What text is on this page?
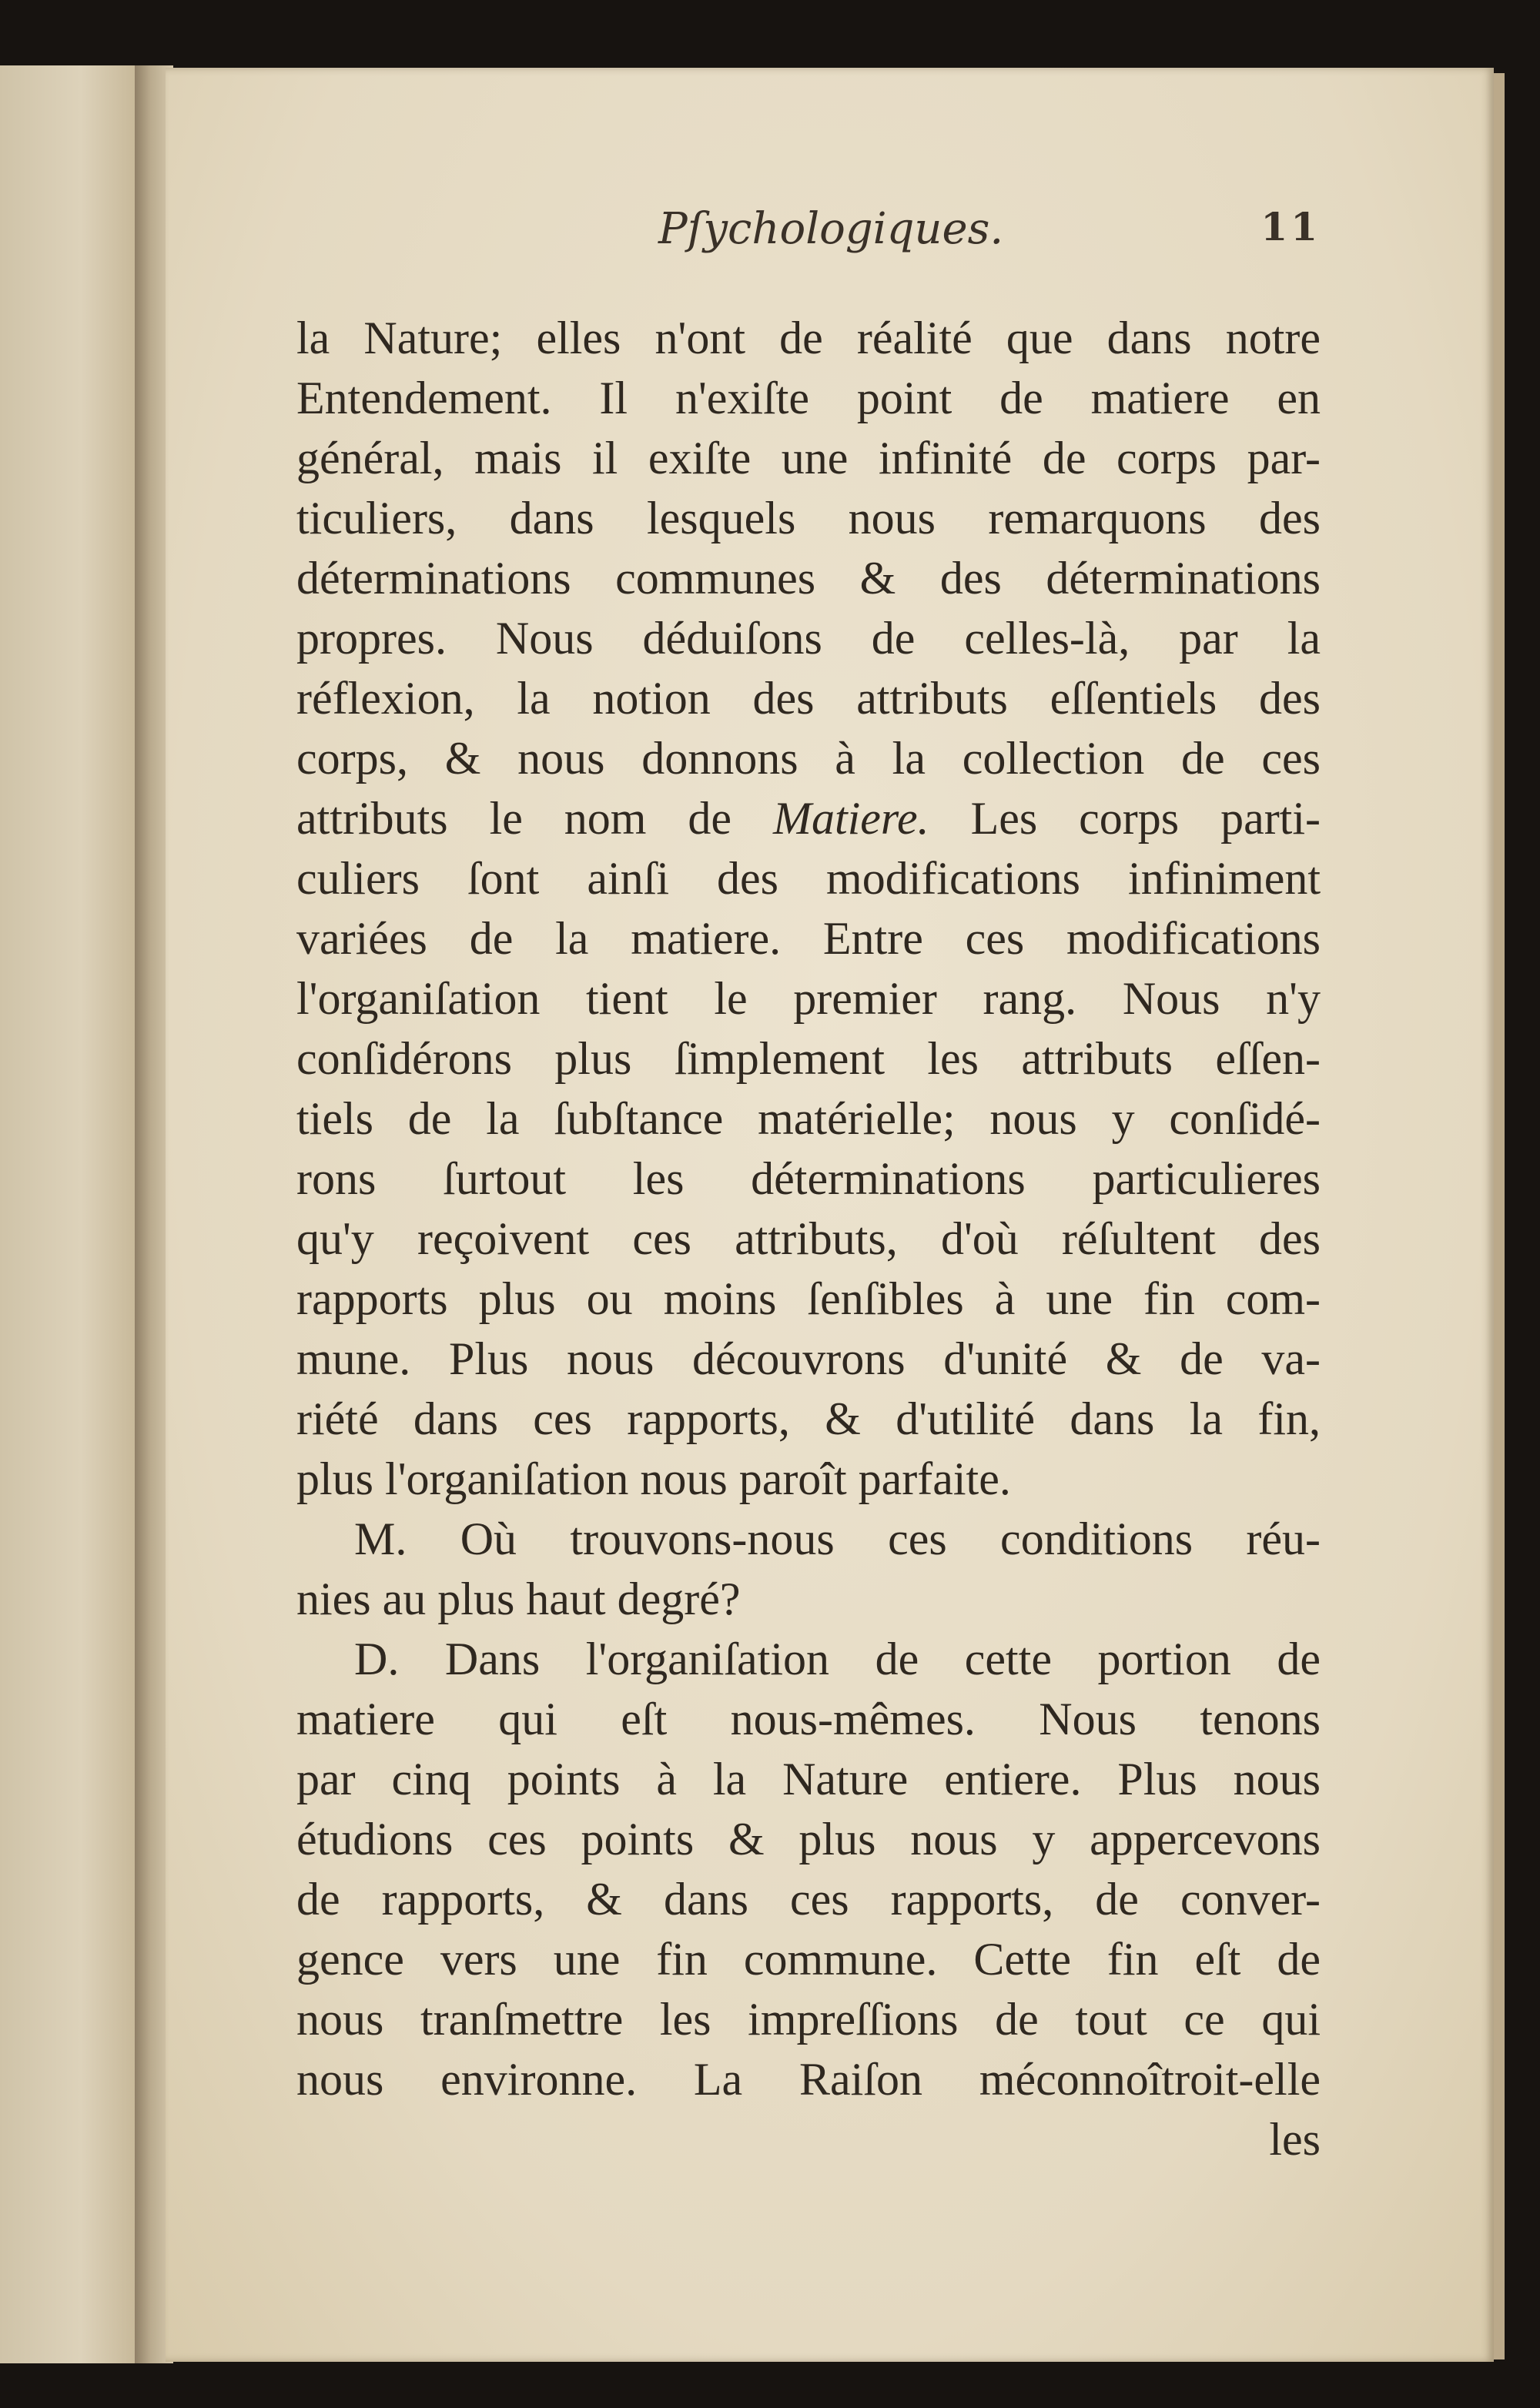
Pſychologiques.	11
la Nature; elles n'ont de réalité que dans notre
Entendement. Il n'exiſte point de matiere en
général, mais il exiſte une infinité de corps par-
ticuliers, dans lesquels nous remarquons des
déterminations communes & des déterminations
propres. Nous déduiſons de celles-là, par la
réflexion, la notion des attributs eſſentiels des
corps, & nous donnons à la collection de ces
attributs le nom de Matiere. Les corps parti-
culiers ſont ainſi des modifications infiniment
variées de la matiere. Entre ces modifications
l'organiſation tient le premier rang. Nous n'y
conſidérons plus ſimplement les attributs eſſen-
tiels de la ſubſtance matérielle; nous y conſidé-
rons ſurtout les déterminations particulieres
qu'y reçoivent ces attributs, d'où réſultent des
rapports plus ou moins ſenſibles à une fin com-
mune. Plus nous découvrons d'unité & de va-
riété dans ces rapports, & d'utilité dans la fin,
plus l'organiſation nous paroît parfaite.
M. Où trouvons-nous ces conditions réu-
nies au plus haut degré?
D. Dans l'organiſation de cette portion de
matiere qui eſt nous-mêmes. Nous tenons
par cinq points à la Nature entiere. Plus nous
étudions ces points & plus nous y appercevons
de rapports, & dans ces rapports, de conver-
gence vers une fin commune. Cette fin eſt de
nous tranſmettre les impreſſions de tout ce qui
nous environne. La Raiſon méconnoîtroit-elle
les
